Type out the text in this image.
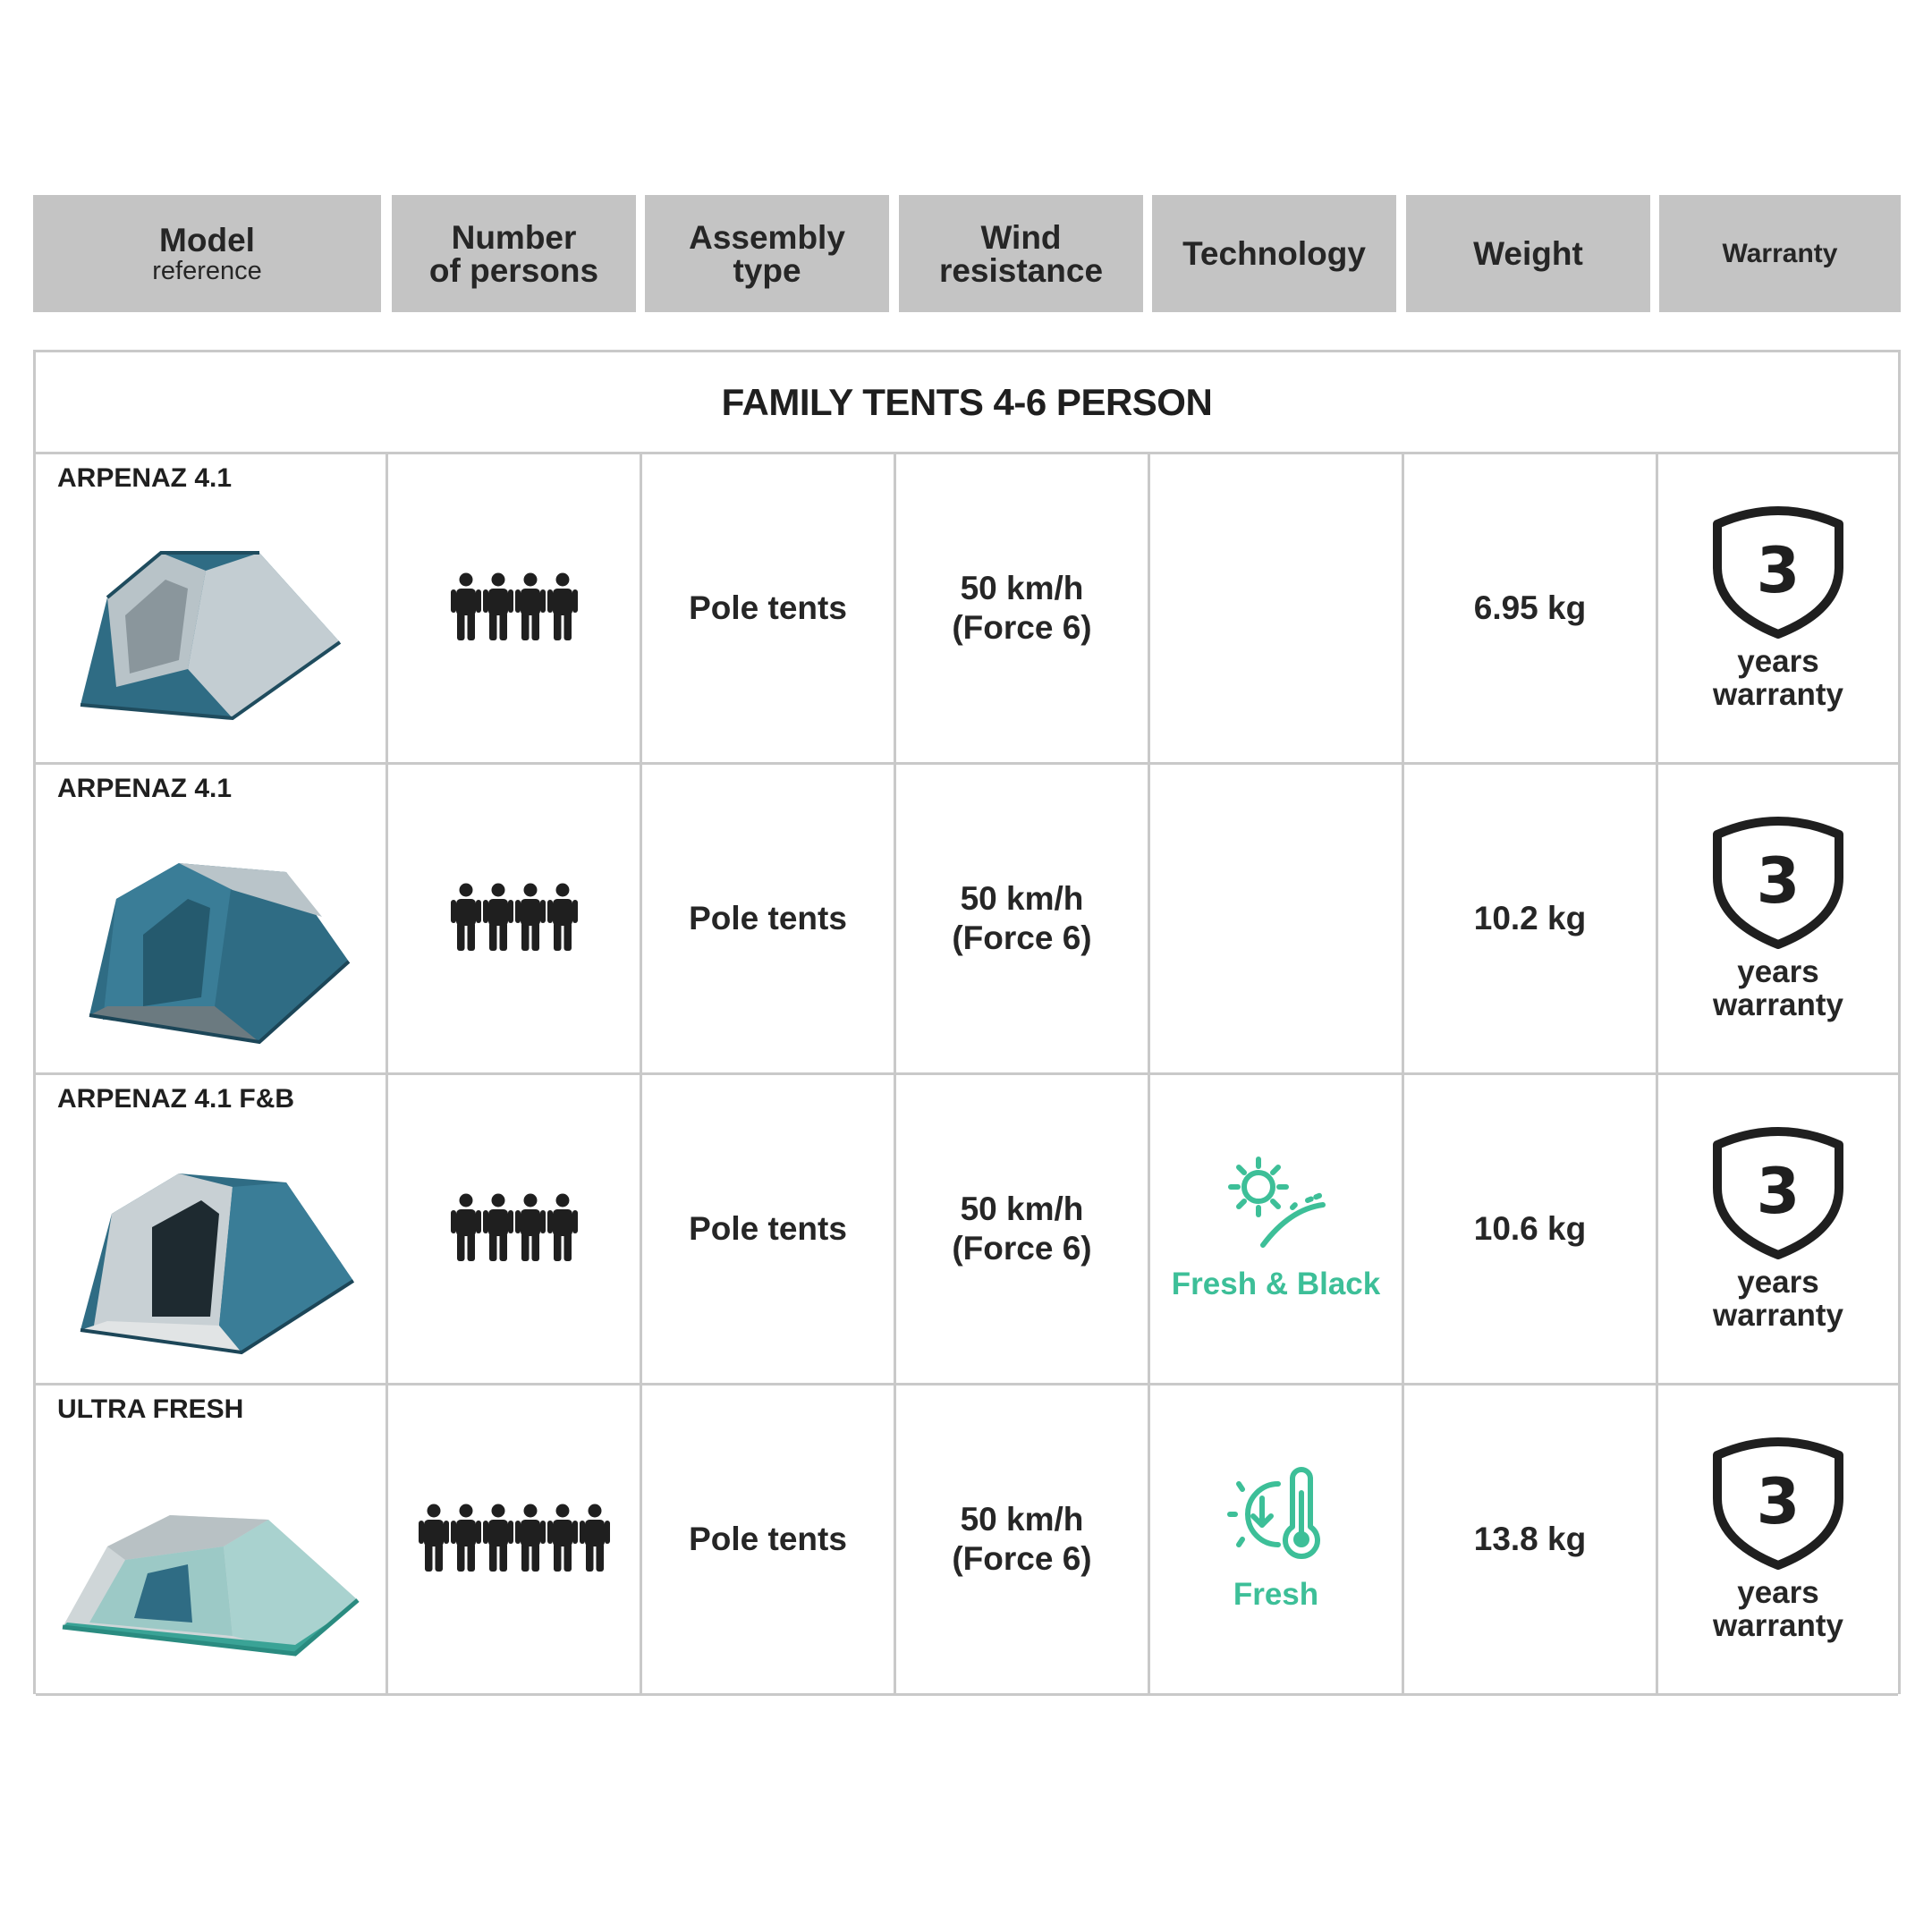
Model
reference
Number
of persons
Assembly
type
Wind
resistance Technology	Weight	Warranty
FAMILY TENTS 4-6 PERSON
ARPENAZ 4.1
Pole tents
50 km/h
(Force 6)
6.95 kg
3
years
warranty
ARPENAZ 4.1
Pole tents
50 km/h
(Force 6)
10.2 kg
3
years
warranty
ARPENAZ 4.1 F&B
Pole tents
50 km/h
(Force 6)
Fresh & Black
10.6 kg
3
years
warranty
ULTRA FRESH
Pole tents
50 km/h
(Force 6)
Fresh
13.8 kg
3
years
warranty
